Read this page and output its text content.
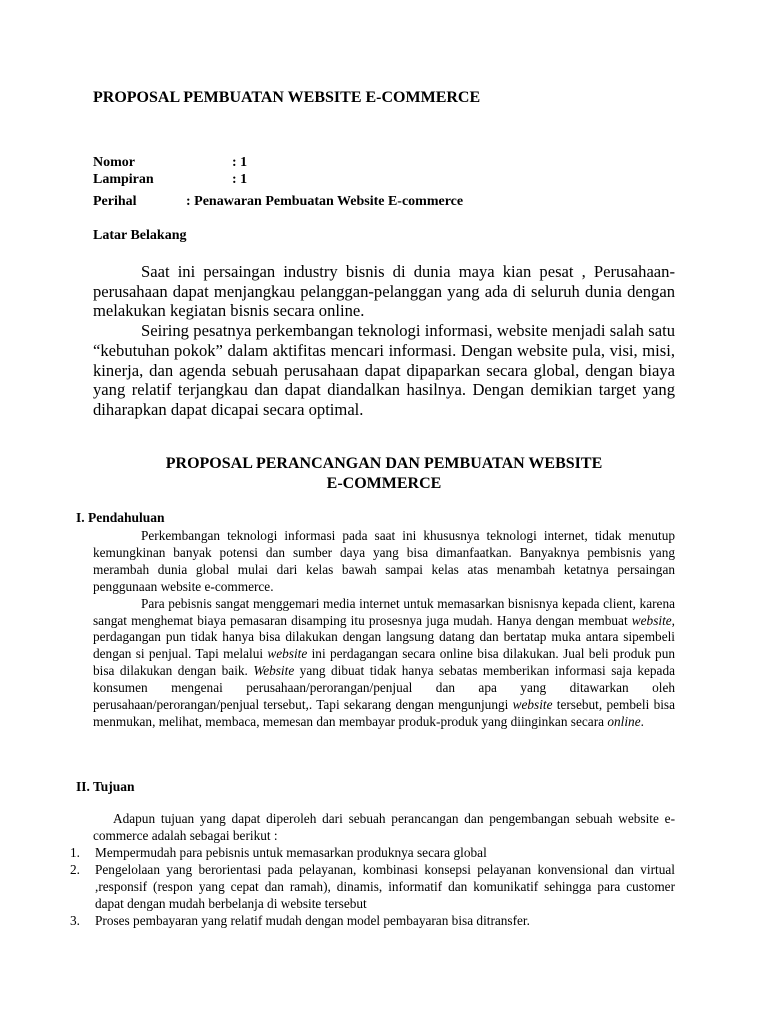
PROPOSAL PEMBUATAN WEBSITE E-COMMERCE
Nomor	: 1
Lampiran	: 1
Perihal	: Penawaran Pembuatan Website E-commerce
Latar Belakang

Saat ini persaingan industry bisnis di dunia maya kian pesat , Perusahaan-perusahaan dapat menjangkau pelanggan-pelanggan yang ada di seluruh dunia dengan melakukan kegiatan bisnis secara online.

Seiring pesatnya perkembangan teknologi informasi, website menjadi salah satu “kebutuhan pokok” dalam aktifitas mencari informasi. Dengan website pula, visi, misi, kinerja, dan agenda sebuah perusahaan dapat dipaparkan secara global, dengan biaya yang relatif terjangkau dan dapat diandalkan hasilnya. Dengan demikian target yang diharapkan dapat dicapai secara optimal.

PROPOSAL PERANCANGAN DAN PEMBUATAN WEBSITE
E-COMMERCE
I. Pendahuluan

Perkembangan teknologi informasi pada saat ini khususnya teknologi internet, tidak menutup kemungkinan banyak potensi dan sumber daya yang bisa dimanfaatkan. Banyaknya pembisnis yang merambah dunia global mulai dari kelas bawah sampai kelas atas menambah ketatnya persaingan penggunaan website e-commerce.

Para pebisnis sangat menggemari media internet untuk memasarkan bisnisnya kepada client, karena sangat menghemat biaya pemasaran disamping itu prosesnya juga mudah. Hanya dengan membuat website, perdagangan pun tidak hanya bisa dilakukan dengan langsung datang dan bertatap muka antara sipembeli dengan si penjual. Tapi melalui website ini perdagangan secara online bisa dilakukan. Jual beli produk pun bisa dilakukan dengan baik. Website yang dibuat tidak hanya sebatas memberikan informasi saja kepada konsumen mengenai perusahaan/perorangan/penjual dan apa yang ditawarkan oleh perusahaan/perorangan/penjual tersebut,. Tapi sekarang dengan mengunjungi website tersebut, pembeli bisa menmukan, melihat, membaca, memesan dan membayar produk-produk yang diinginkan secara online.

II. Tujuan

Adapun tujuan yang dapat diperoleh dari sebuah perancangan dan pengembangan sebuah website e-commerce adalah sebagai berikut :

1.	Mempermudah para pebisnis untuk memasarkan produknya secara global
2.	Pengelolaan yang berorientasi pada pelayanan, kombinasi konsepsi pelayanan konvensional dan virtual ,responsif (respon yang cepat dan ramah), dinamis, informatif dan komunikatif sehingga para customer dapat dengan mudah berbelanja di website tersebut
3.	Proses pembayaran yang relatif mudah dengan model pembayaran bisa ditransfer.
